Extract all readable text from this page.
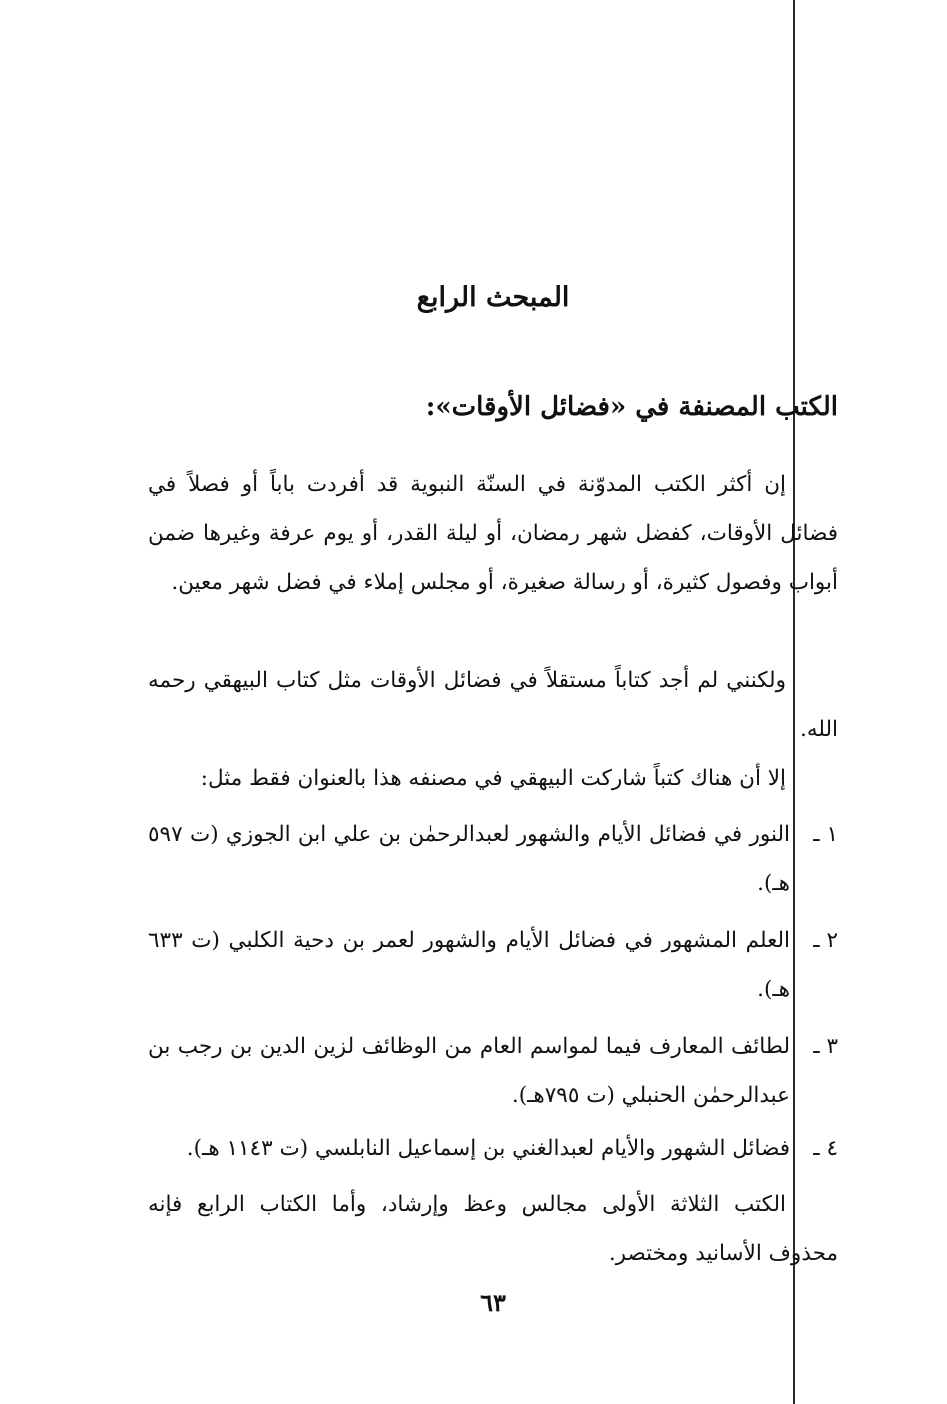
المبحث الرابع
الكتب المصنفة في «فضائل الأوقات»:
إن أكثر الكتب المدوّنة في السنّة النبوية قد أفردت باباً أو فصلاً في فضائل الأوقات، كفضل شهر رمضان، أو ليلة القدر، أو يوم عرفة وغيرها ضمن أبواب وفصول كثيرة، أو رسالة صغيرة، أو مجلس إملاء في فضل شهر معين.
ولكنني لم أجد كتاباً مستقلاً في فضائل الأوقات مثل كتاب البيهقي رحمه الله.
إلا أن هناك كتباً شاركت البيهقي في مصنفه هذا بالعنوان فقط مثل:
١ ـ
النور في فضائل الأيام والشهور لعبدالرحمٰن بن علي ابن الجوزي (ت ٥٩٧ هـ).
٢ ـ
العلم المشهور في فضائل الأيام والشهور لعمر بن دحية الكلبي (ت ٦٣٣ هـ).
٣ ـ
لطائف المعارف فيما لمواسم العام من الوظائف لزين الدين بن رجب بن عبدالرحمٰن الحنبلي (ت ٧٩٥هـ).
٤ ـ
فضائل الشهور والأيام لعبدالغني بن إسماعيل النابلسي (ت ١١٤٣ هـ).
الكتب الثلاثة الأولى مجالس وعظ وإرشاد، وأما الكتاب الرابع فإنه محذوف الأسانيد ومختصر.
٦٣
